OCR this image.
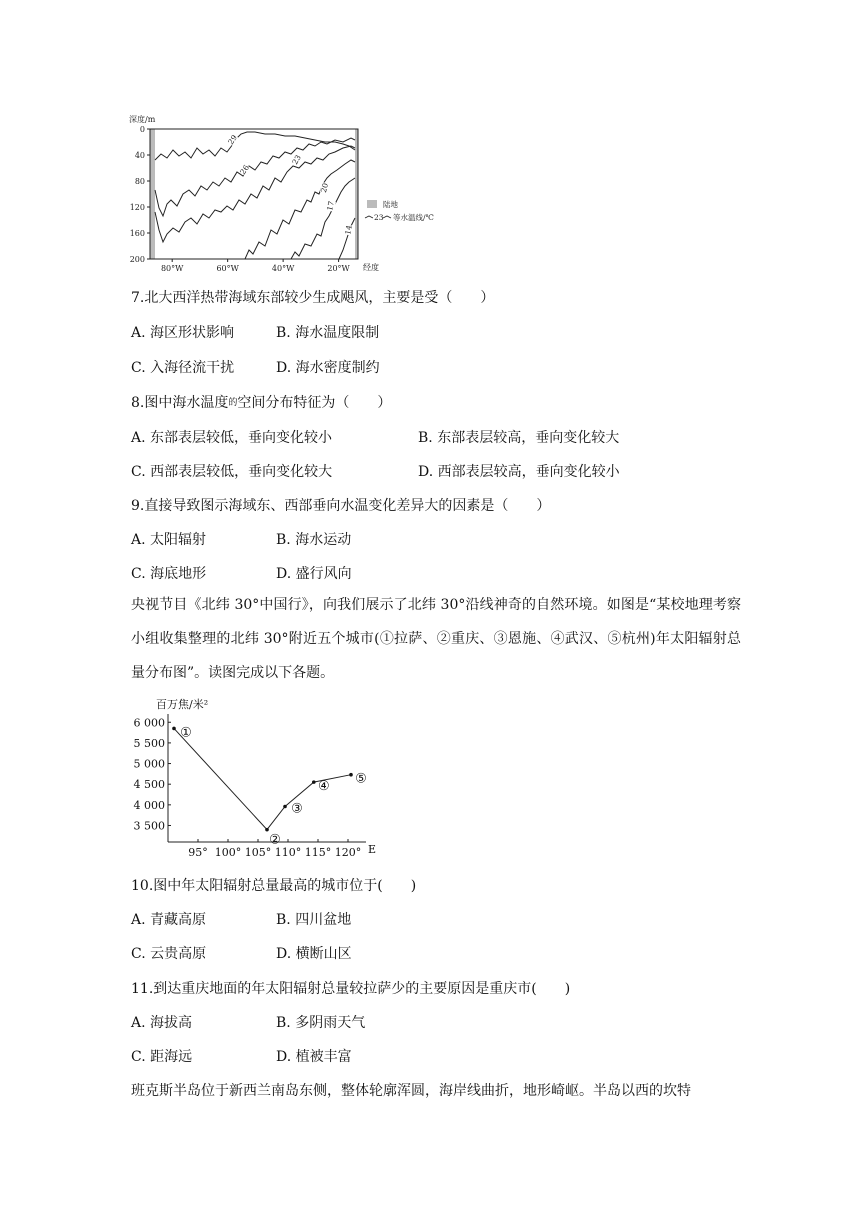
深度/m
0
40
80
120
160
200
80°W	60°W	40°W	20°W
29
26
23
20
17
14
陆地
23 等水温线/℃
经度
7.北大西洋热带海域东部较少生成飓风，主要是受（　　）
A. 海区形状影响	B. 海水温度限制
C. 入海径流干扰	D. 海水密度制约
8.图中海水温度$^的$空间分布特征为（　　）
A. 东部表层较低，垂向变化较小	B. 东部表层较高，垂向变化较大
C. 西部表层较低，垂向变化较大	D. 西部表层较高，垂向变化较小
9.直接导致图示海域东、西部垂向水温变化差异大的因素是（　　）
A. 太阳辐射	B. 海水运动
C. 海底地形	D. 盛行风向
央视节目《北纬 30°中国行》，向我们展示了北纬 30°沿线神奇的自然环境。如图是“某校地理考察小组收集整理的北纬 30°附近五个城市(①拉萨、②重庆、③恩施、④武汉、⑤杭州)年太阳辐射总量分布图”。读图完成以下各题。
百万焦/米²
6 000
5 500
5 000
4 500
4 000
3 500
95° 100° 105° 110° 115° 120° E
①
②
③
④ ⑤
10.图中年太阳辐射总量最高的城市位于(　　)
A. 青藏高原	B. 四川盆地
C. 云贵高原	D. 横断山区
11.到达重庆地面的年太阳辐射总量较拉萨少的主要原因是重庆市(　　)
A. 海拔高	B. 多阴雨天气
C. 距海远	D. 植被丰富
班克斯半岛位于新西兰南岛东侧，整体轮廓浑圆，海岸线曲折，地形崎岖。半岛以西的坎特
